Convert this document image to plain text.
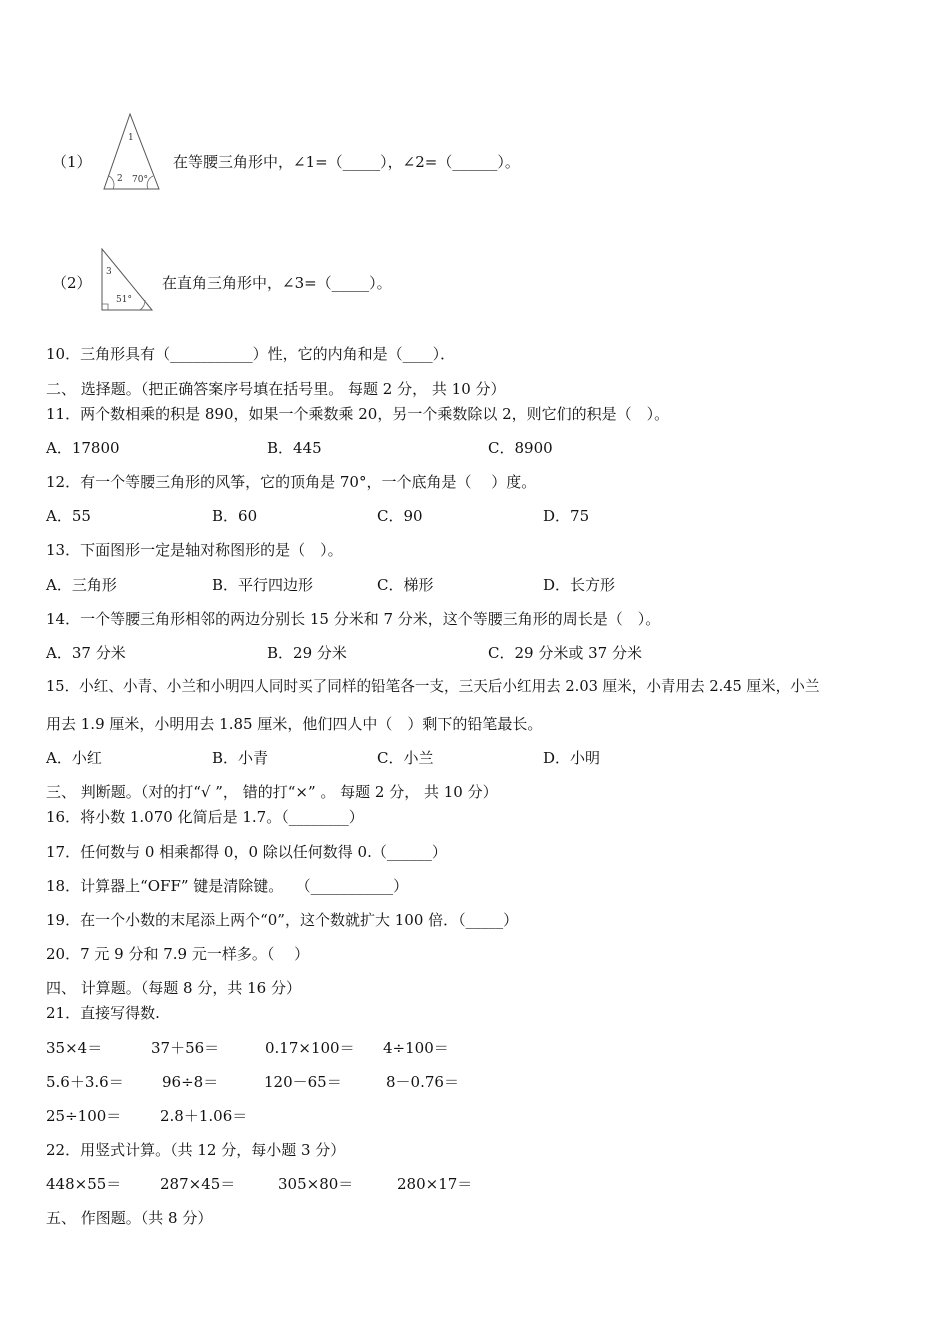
（1）
1
2 70°
在等腰三角形中，∠1=（_____），∠2=（______）。
（2）
3
51°
在直角三角形中，∠3=（_____）。
10．三角形具有（___________）性，它的内角和是（____）．
二、 选择题。（把正确答案序号填在括号里。 每题 2 分， 共 10 分）
11．两个数相乘的积是 890，如果一个乘数乘 20，另一个乘数除以 2，则它们的积是（　）。
A．17800	B．445	C．8900
12．有一个等腰三角形的风筝，它的顶角是 70°，一个底角是（　 ）度。
A．55	B．60	C．90	D．75
13．下面图形一定是轴对称图形的是（　）。
A．三角形	B．平行四边形	C．梯形	D．长方形
14．一个等腰三角形相邻的两边分别长 15 分米和 7 分米，这个等腰三角形的周长是（　）。
A．37 分米	B．29 分米	C．29 分米或 37 分米
15．小红、小青、小兰和小明四人同时买了同样的铅笔各一支，三天后小红用去 2.03 厘米，小青用去 2.45 厘米，小兰
用去 1.9 厘米，小明用去 1.85 厘米，他们四人中（　）剩下的铅笔最长。
A．小红	B．小青	C．小兰	D．小明
三、 判断题。（对的打“√ ”， 错的打“×” 。 每题 2 分， 共 10 分）
16．将小数 1.070 化简后是 1.7。（________）
17．任何数与 0 相乘都得 0，0 除以任何数得 0.（______）
18．计算器上“OFF” 键是清除键。　 （___________）
19．在一个小数的末尾添上两个“0”，这个数就扩大 100 倍．（_____）
20．7 元 9 分和 7.9 元一样多。（　 ）
四、 计算题。（每题 8 分，共 16 分）
21．直接写得数.
35×4＝	37＋56＝	0.17×100＝ 4÷100＝
5.6＋3.6＝	96÷8＝	120－65＝	8－0.76＝
25÷100＝	2.8＋1.06＝
22．用竖式计算。（共 12 分，每小题 3 分）
448×55＝	287×45＝	305×80＝	280×17＝
五、 作图题。（共 8 分）
